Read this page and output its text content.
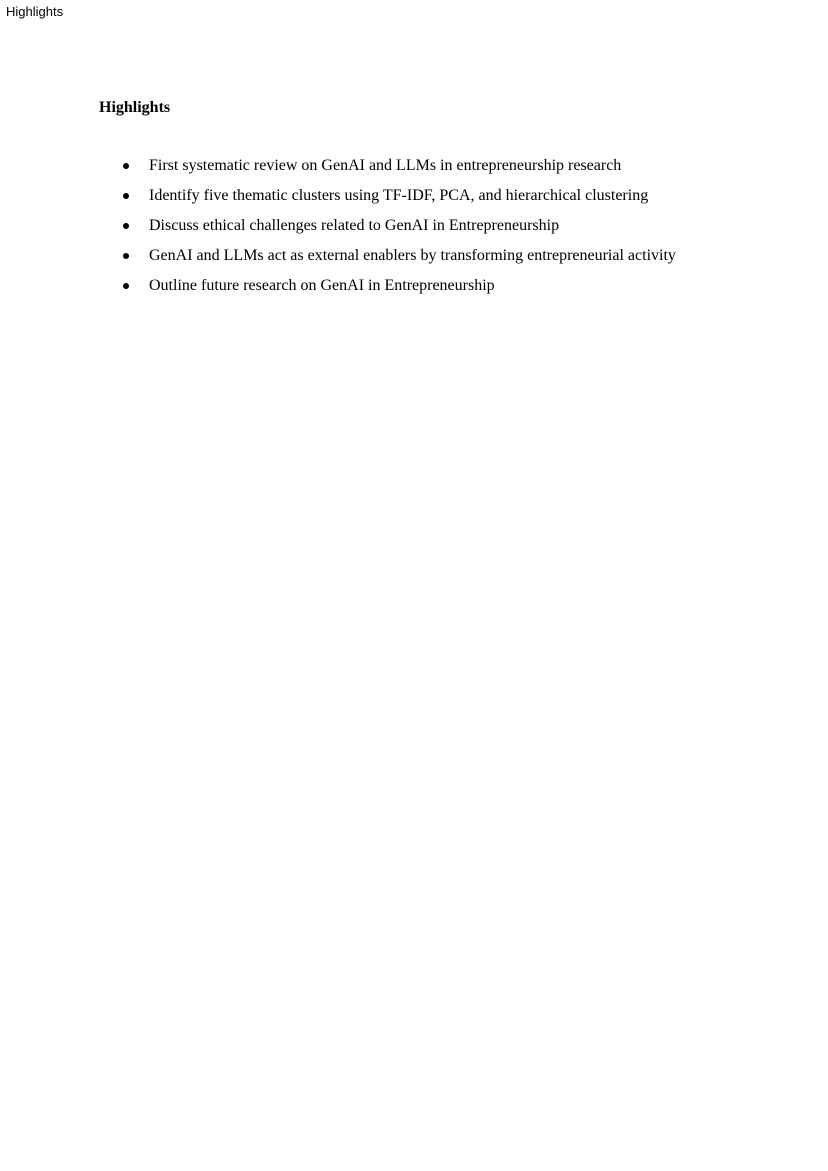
Highlights
Highlights
First systematic review on GenAI and LLMs in entrepreneurship research
Identify five thematic clusters using TF-IDF, PCA, and hierarchical clustering
Discuss ethical challenges related to GenAI in Entrepreneurship
GenAI and LLMs act as external enablers by transforming entrepreneurial activity
Outline future research on GenAI in Entrepreneurship
